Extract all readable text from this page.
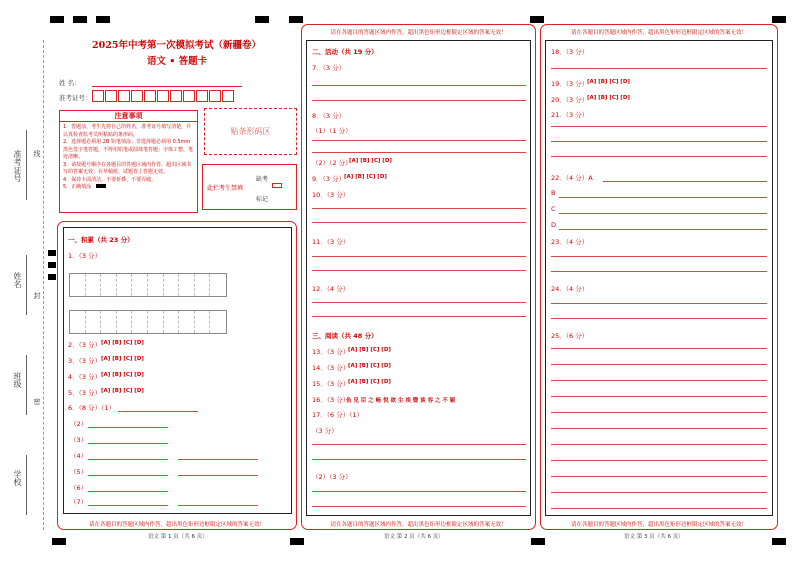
学校
班级
姓名
准考证号 线
封
密
2025年中考第一次模拟考试（新疆卷）
语文 • 答题卡
姓 名：
准考证号：
注意事项
1．答题前，考生先将自己的姓名，准考证号填写清楚，并认真检查监考员所粘贴的条形码。
2．选择题必须用 2B 铅笔填涂；非选择题必须用 0.5mm 黑色签字笔答题，不得用铅笔或圆珠笔答题；字体工整、笔迹清晰。
3．请按题号顺序在各题目的答题区域内作答，超出区域书写的答案无效；在草稿纸、试题卷上答题无效。
4．保持卡面清洁，不要折叠、不要弄破。
5．正确填涂
贴条形码区
此栏考生禁填
缺考
标记
一、积累（共 23 分）
1．（3 分）
2．（3 分） [A] [B] [C] [D]
3．（3 分） [A] [B] [C] [D]
4．（3 分） [A] [B] [C] [D]
5．（3 分） [A] [B] [C] [D]
6．（8 分）（1）
（2）
（3）
（4）
（5）
（6）
（7）
请在各题目的答题区域内作答，超出黑色矩形边框限定区域的答案无效！
语文 第 1 页（共 6 页）
请在各题目的答题区域内作答，超出黑色矩形边框限定区域的答案无效！
二、活动（共 19 分）
7．（3 分）
8．（3 分）
（1）（1 分）
（2）（2 分）
[A] [B] [C] [D]
9．（3 分）
[A] [B] [C] [D]
10．（3 分）
11．（3 分）
12．（4 分）
三、阅读（共 48 分）
13．（3 分）
[A] [B] [C] [D]
14．（3 分）
[A] [B] [C] [D]
15．（3 分）
[A] [B] [C] [D]
16．（3 分）
鱼 见 臣 之 畅 悦 欲 尘 埃 暨 谈 容 之 不 颖
17．（6 分）（1）
（3 分）
（2）（3 分）
请在各题目的答题区域内作答，超出黑色矩形边框限定区域的答案无效！
语文 第 2 页（共 6 页）
请在各题目的答题区域内作答，超出黑色矩形边框限定区域的答案无效！
18．（3 分）
19．（3 分）
[A] [B] [C] [D]
20．（3 分）
[A] [B] [C] [D]
21．（3 分）
22．（4 分）A
B
C
D
23．（4 分）
24．（4 分）
25．（6 分）
请在各题目的答题区域内作答，超出黑色矩形边框限定区域的答案无效！
语文 第 3 页（共 6 页）
